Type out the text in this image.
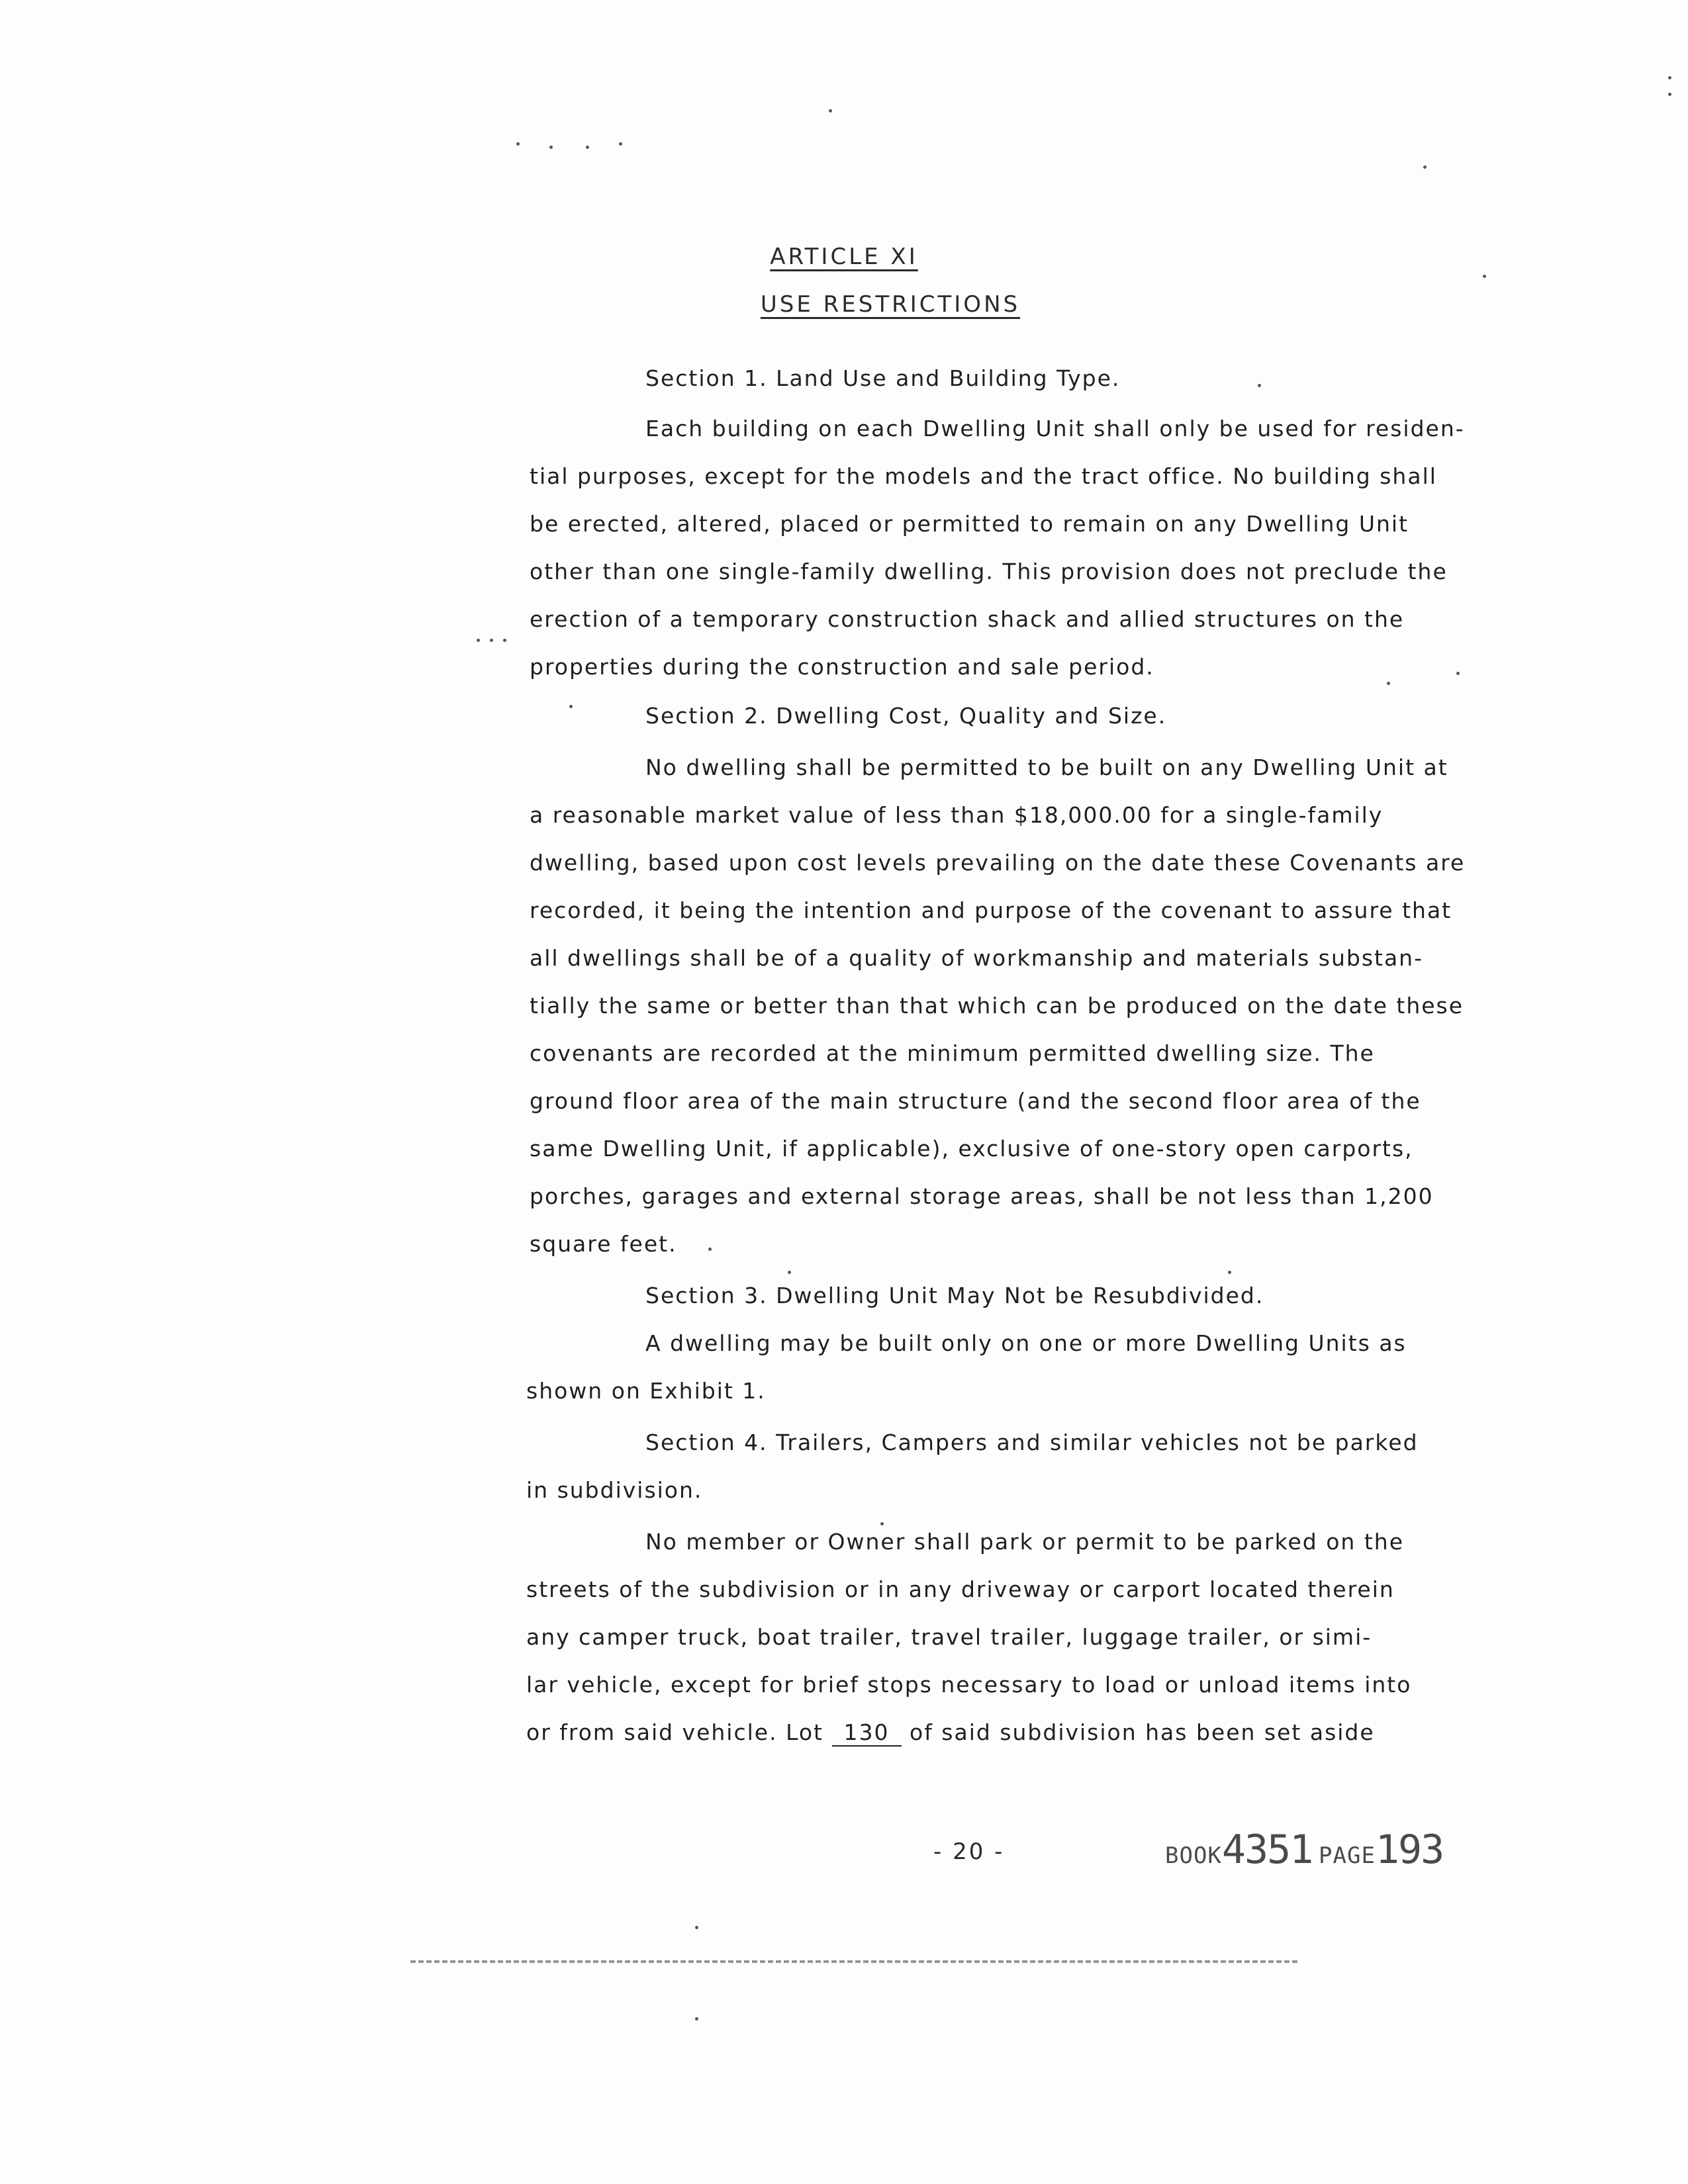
ARTICLE XI
USE RESTRICTIONS
Section 1. Land Use and Building Type.
Each building on each Dwelling Unit shall only be used for residen-
tial purposes, except for the models and the tract office. No building shall
be erected, altered, placed or permitted to remain on any Dwelling Unit
other than one single-family dwelling. This provision does not preclude the
erection of a temporary construction shack and allied structures on the
properties during the construction and sale period.
Section 2. Dwelling Cost, Quality and Size.
No dwelling shall be permitted to be built on any Dwelling Unit at
a reasonable market value of less than $18,000.00 for a single-family
dwelling, based upon cost levels prevailing on the date these Covenants are
recorded, it being the intention and purpose of the covenant to assure that
all dwellings shall be of a quality of workmanship and materials substan-
tially the same or better than that which can be produced on the date these
covenants are recorded at the minimum permitted dwelling size. The
ground floor area of the main structure (and the second floor area of the
same Dwelling Unit, if applicable), exclusive of one-story open carports,
porches, garages and external storage areas, shall be not less than 1,200
square feet.
Section 3. Dwelling Unit May Not be Resubdivided.
A dwelling may be built only on one or more Dwelling Units as
shown on Exhibit 1.
Section 4. Trailers, Campers and similar vehicles not be parked
in subdivision.
No member or Owner shall park or permit to be parked on the
streets of the subdivision or in any driveway or carport located therein
any camper truck, boat trailer, travel trailer, luggage trailer, or simi-
lar vehicle, except for brief stops necessary to load or unload items into
or from said vehicle. Lot 130 of said subdivision has been set aside
- 20 -	BOOK4351 PAGE193
